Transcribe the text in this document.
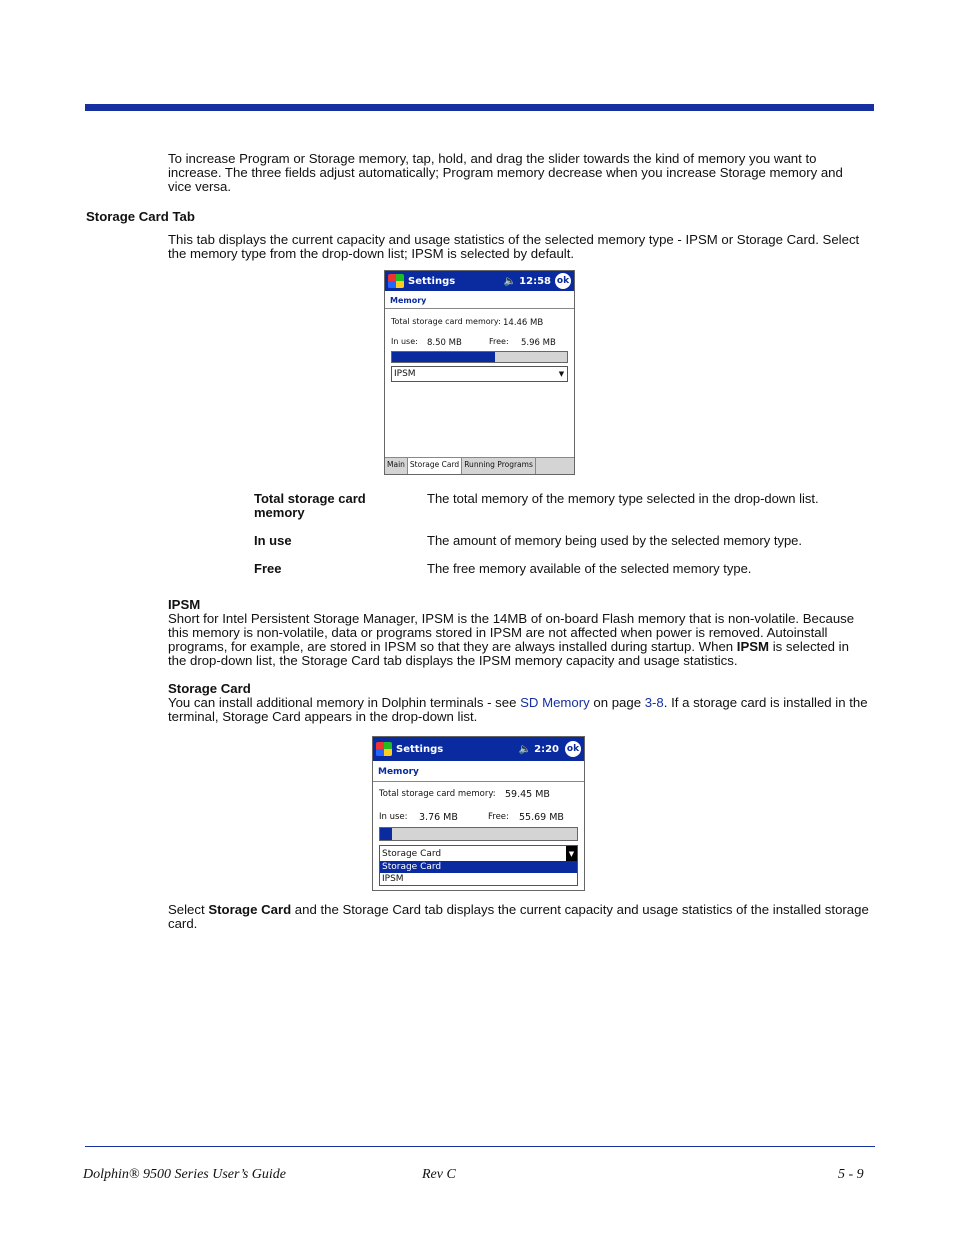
To increase Program or Storage memory, tap, hold, and drag the slider towards the kind of memory you want to increase. The three fields adjust automatically; Program memory decrease when you increase Storage memory and vice versa.

Storage Card Tab

This tab displays the current capacity and usage statistics of the selected memory type - IPSM or Storage Card. Select the memory type from the drop-down list; IPSM is selected by default.

Settings	🔈 12:58 ok
Memory
Total storage card memory: 14.46 MB
In use: 8.50 MB	Free: 5.96 MB
IPSM	▼
Main Storage Card Running Programs
Total storage card memory
The total memory of the memory type selected in the drop-down list.
In use	The amount of memory being used by the selected memory type.
Free	The free memory available of the selected memory type.
IPSM

Short for Intel Persistent Storage Manager, IPSM is the 14MB of on-board Flash memory that is non-volatile. Because this memory is non-volatile, data or programs stored in IPSM are not affected when power is removed. Autoinstall programs, for example, are stored in IPSM so that they are always installed during startup. When IPSM is selected in the drop-down list, the Storage Card tab displays the IPSM memory capacity and usage statistics.

Storage Card

You can install additional memory in Dolphin terminals - see SD Memory on page 3-8. If a storage card is installed in the terminal, Storage Card appears in the drop-down list.

Settings	🔈 2:20 ok
Memory
Total storage card memory: 59.45 MB
In use: 3.76 MB	Free: 55.69 MB
Storage Card	▼
Storage Card
IPSM

Select Storage Card and the Storage Card tab displays the current capacity and usage statistics of the installed storage card.

Dolphin® 9500 Series User’s Guide	Rev C	5 - 9
